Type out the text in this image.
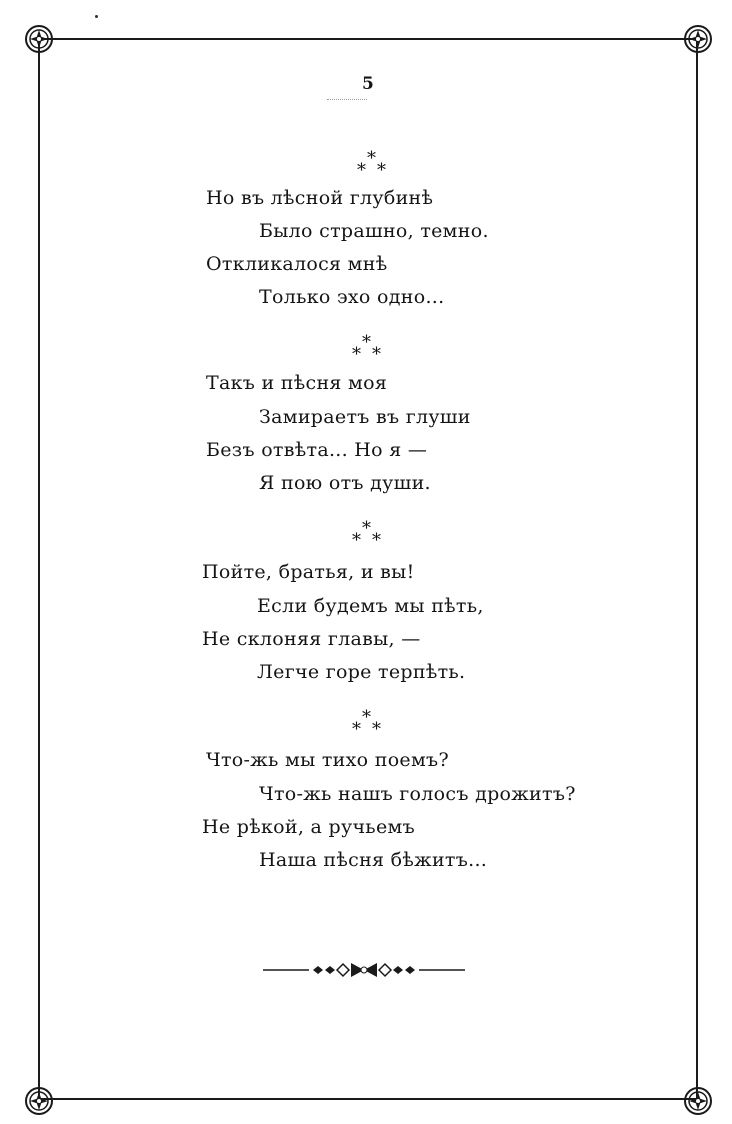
5
*
* *
Но въ лѣсной глубинѣ
Было страшно, темно.
Откликалося мнѣ
Только эхо одно...
*
* *
Такъ и пѣсня моя
Замираетъ въ глуши
Безъ отвѣта... Но я —
Я пою отъ души.
*
* *
Пойте, братья, и вы!
Если будемъ мы пѣть,
Не склоняя главы, —
Легче горе терпѣть.
*
* *
Что-жь мы тихо поемъ?
Что-жь нашъ голосъ дрожитъ?
Не рѣкой, а ручьемъ
Наша пѣсня бѣжитъ...
